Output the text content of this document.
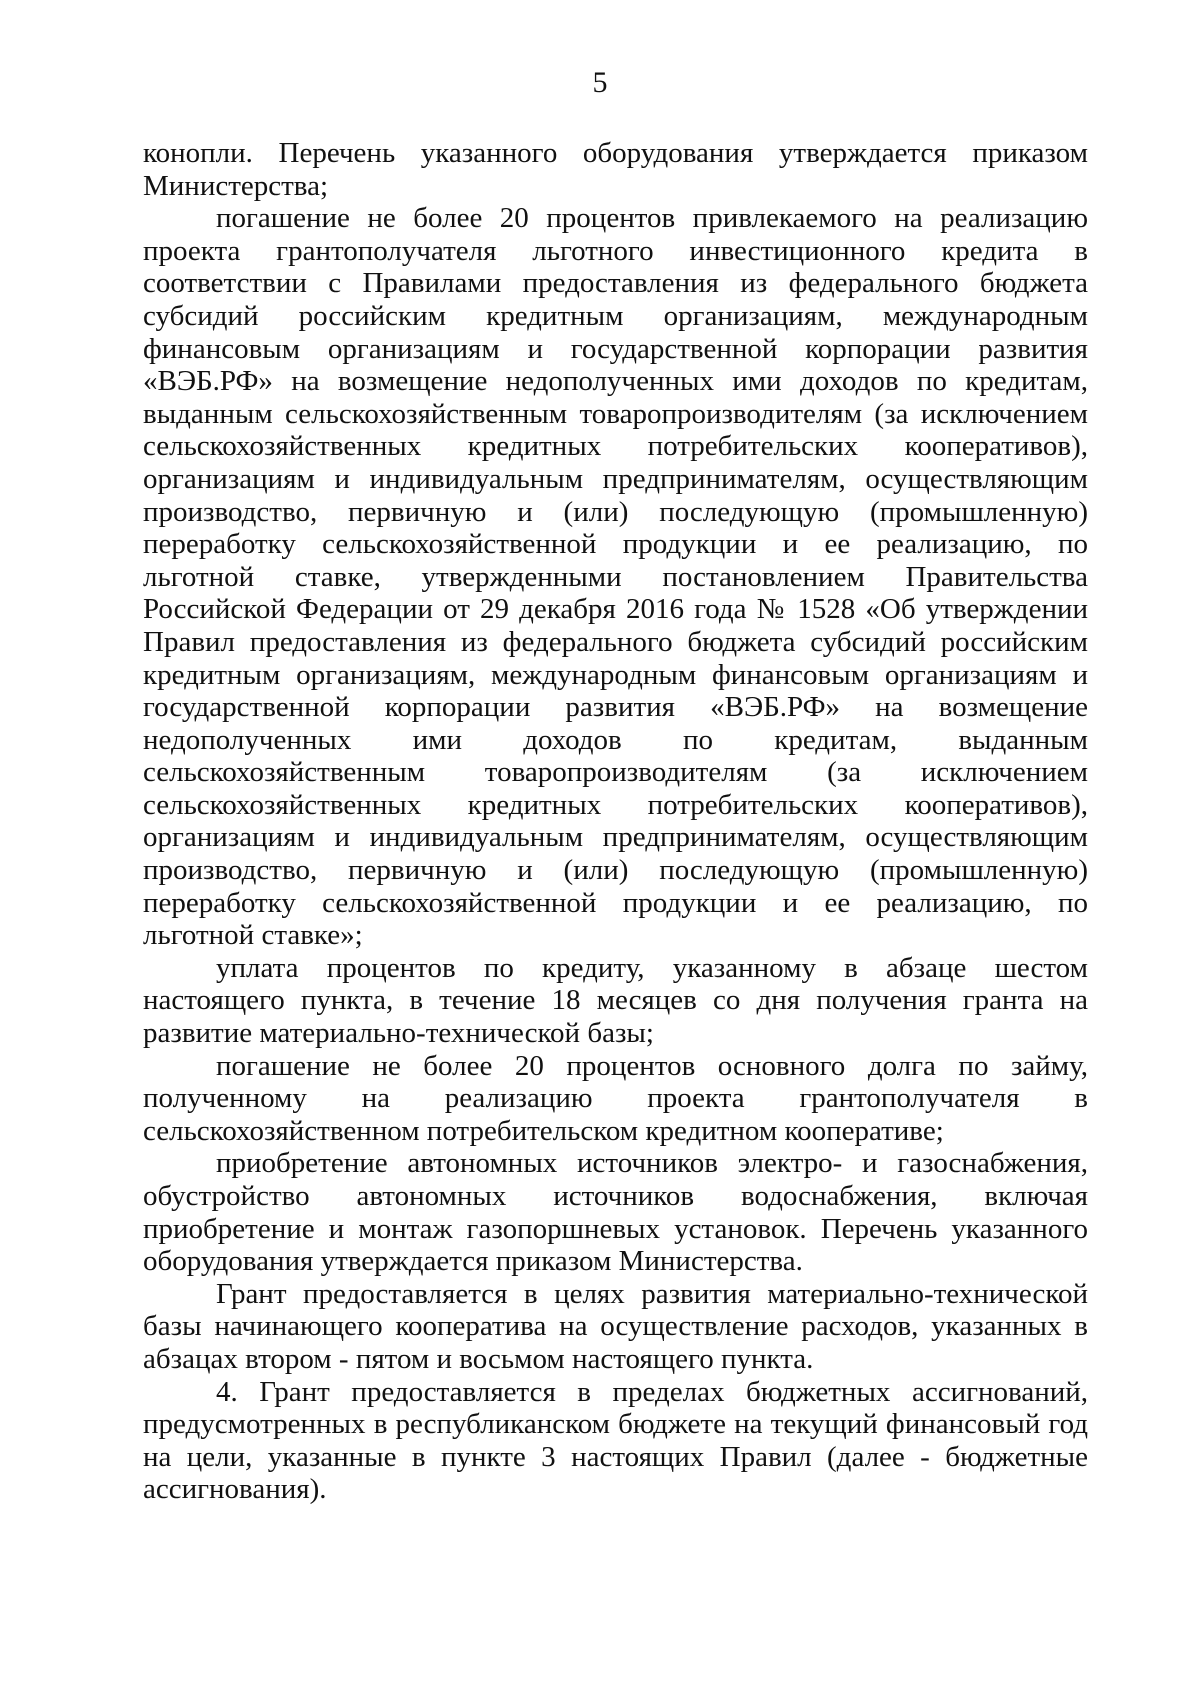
5

конопли. Перечень указанного оборудования утверждается приказом Министерства;

погашение не более 20 процентов привлекаемого на реализацию проекта грантополучателя льготного инвестиционного кредита в соответствии с Правилами предоставления из федерального бюджета субсидий российским кредитным организациям, международным финансовым организациям и государственной корпорации развития «ВЭБ.РФ» на возмещение недополученных ими доходов по кредитам, выданным сельскохозяйственным товаропроизводителям (за исключением сельскохозяйственных кредитных потребительских кооперативов), организациям и индивидуальным предпринимателям, осуществляющим производство, первичную и (или) последующую (промышленную) переработку сельскохозяйственной продукции и ее реализацию, по льготной ставке, утвержденными постановлением Правительства Российской Федерации от 29 декабря 2016 года № 1528 «Об утверждении Правил предоставления из федерального бюджета субсидий российским кредитным организациям, международным финансовым организациям и государственной корпорации развития «ВЭБ.РФ» на возмещение недополученных ими доходов по кредитам, выданным сельскохозяйственным товаропроизводителям (за исключением сельскохозяйственных кредитных потребительских кооперативов), организациям и индивидуальным предпринимателям, осуществляющим производство, первичную и (или) последующую (промышленную) переработку сельскохозяйственной продукции и ее реализацию, по льготной ставке»;

уплата процентов по кредиту, указанному в абзаце шестом настоящего пункта, в течение 18 месяцев со дня получения гранта на развитие материально-технической базы;

погашение не более 20 процентов основного долга по займу, полученному на реализацию проекта грантополучателя в сельскохозяйственном потребительском кредитном кооперативе;

приобретение автономных источников электро- и газоснабжения, обустройство автономных источников водоснабжения, включая приобретение и монтаж газопоршневых установок. Перечень указанного оборудования утверждается приказом Министерства.

Грант предоставляется в целях развития материально-технической базы начинающего кооператива на осуществление расходов, указанных в абзацах втором - пятом и восьмом настоящего пункта.

4. Грант предоставляется в пределах бюджетных ассигнований, предусмотренных в республиканском бюджете на текущий финансовый год на цели, указанные в пункте 3 настоящих Правил (далее - бюджетные ассигнования).
